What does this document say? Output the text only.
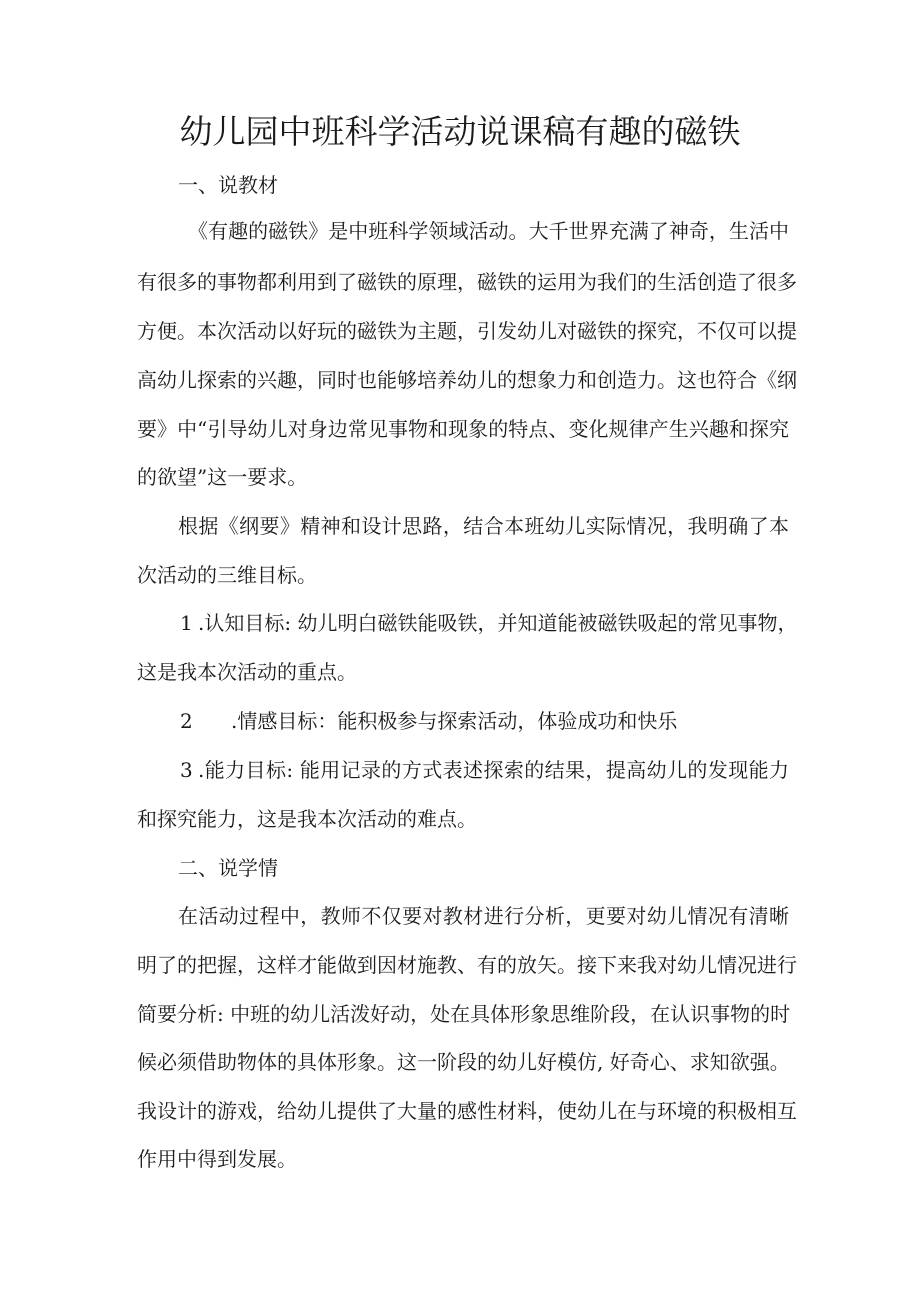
幼儿园中班科学活动说课稿有趣的磁铁
一、说教材
《有趣的磁铁》是中班科学领域活动。大千世界充满了神奇，生活中
有很多的事物都利用到了磁铁的原理，磁铁的运用为我们的生活创造了很多
方便。本次活动以好玩的磁铁为主题，引发幼儿对磁铁的探究，不仅可以提
高幼儿探索的兴趣，同时也能够培养幼儿的想象力和创造力。这也符合《纲
要》中“引导幼儿对身边常见事物和现象的特点、变化规律产生兴趣和探究
的欲望”这一要求。
根据《纲要》精神和设计思路，结合本班幼儿实际情况，我明确了本
次活动的三维目标。
1 .认知目标: 幼儿明白磁铁能吸铁，并知道能被磁铁吸起的常见事物，
这是我本次活动的重点。
2 .情感目标：能积极参与探索活动，体验成功和快乐
3 .能力目标: 能用记录的方式表述探索的结果，提高幼儿的发现能力
和探究能力，这是我本次活动的难点。
二、说学情
在活动过程中，教师不仅要对教材进行分析，更要对幼儿情况有清晰
明了的把握，这样才能做到因材施教、有的放矢。接下来我对幼儿情况进行
简要分析: 中班的幼儿活泼好动，处在具体形象思维阶段，在认识事物的时
候必须借助物体的具体形象。这一阶段的幼儿好模仿, 好奇心、求知欲强。
我设计的游戏，给幼儿提供了大量的感性材料，使幼儿在与环境的积极相互
作用中得到发展。
